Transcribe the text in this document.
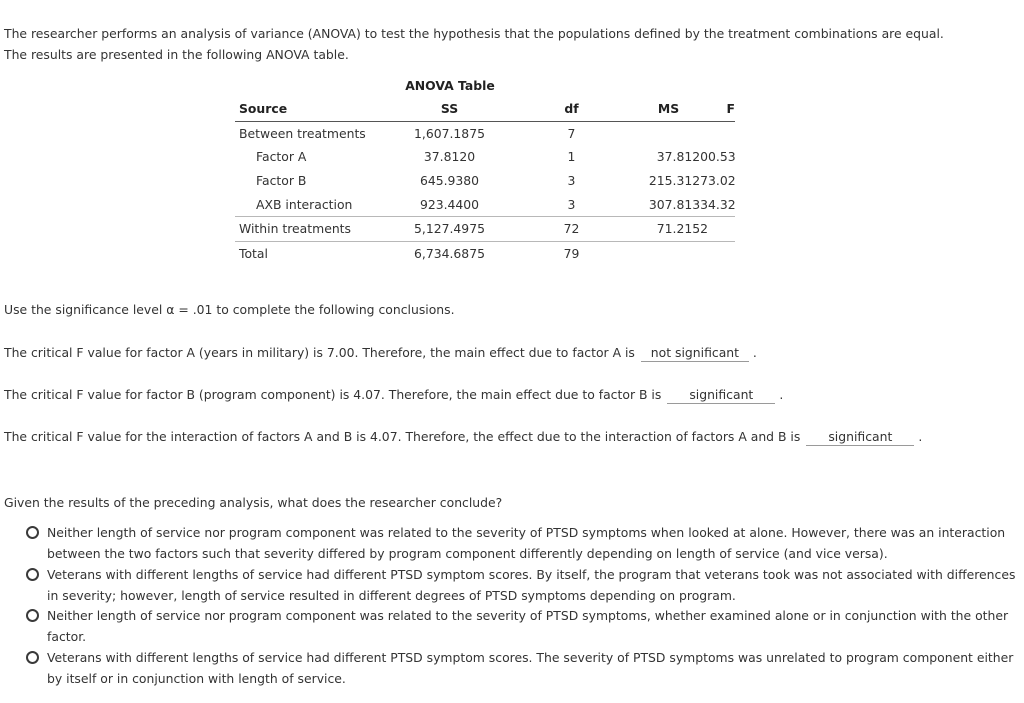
The researcher performs an analysis of variance (ANOVA) to test the hypothesis that the populations defined by the treatment combinations are equal.
The results are presented in the following ANOVA table.
ANOVA Table
Source	SS	df	MS	F
Between treatments	1,607.1875	7		
Factor A	37.8120	1	37.8120	0.53
Factor B	645.9380	3	215.3127	3.02
AXB interaction	923.4400	3	307.8133	4.32
Within treatments	5,127.4975	72	71.2152	
Total	6,734.6875	79		
Use the significance level α = .01 to complete the following conclusions.
The critical F value for factor A (years in military) is 7.00. Therefore, the main effect due to factor A is not significant .
The critical F value for factor B (program component) is 4.07. Therefore, the main effect due to factor B is significant .
The critical F value for the interaction of factors A and B is 4.07. Therefore, the effect due to the interaction of factors A and B is significant .
Given the results of the preceding analysis, what does the researcher conclude?
Neither length of service nor program component was related to the severity of PTSD symptoms when looked at alone. However, there was an interaction between the two factors such that severity differed by program component differently depending on length of service (and vice versa).
Veterans with different lengths of service had different PTSD symptom scores. By itself, the program that veterans took was not associated with differences in severity; however, length of service resulted in different degrees of PTSD symptoms depending on program.
Neither length of service nor program component was related to the severity of PTSD symptoms, whether examined alone or in conjunction with the other factor.
Veterans with different lengths of service had different PTSD symptom scores. The severity of PTSD symptoms was unrelated to program component either by itself or in conjunction with length of service.
